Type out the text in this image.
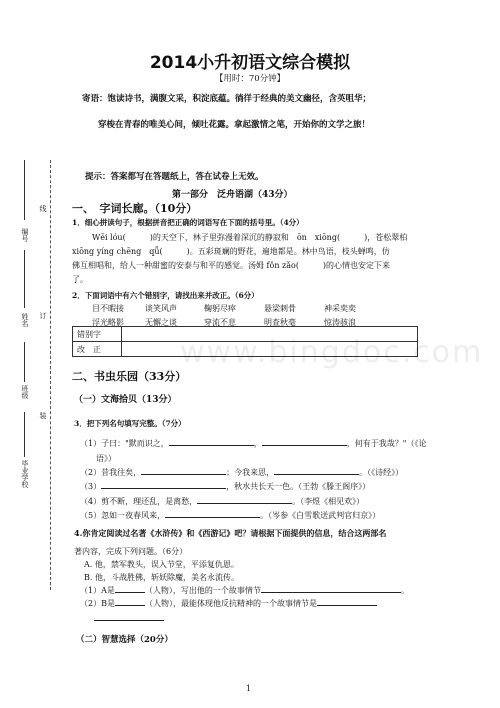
线
编号
订
姓名
班级
装
毕业学校
2014小升初语文综合模拟
【用时：70分钟】
寄语：饱读诗书，满腹文采，积淀底蕴。徜徉于经典的美文幽径，含英咀华；
穿梭在青春的唯美心间，倾吐花露。拿起激情之笔，开始你的文学之旅！
提示：答案都写在答题纸上，答在试卷上无效。
第一部分　泛舟语湖（43分）
一、　字词长廊。（10分）
1．细心拼读句子，根据拼音把正确的词语写在下面的括号里。（4分）
Wēi lóu(　　　)的天空下，林子里弥漫着深沉的静寂和　ōn　xiōng(　　　)，苍松翠柏
xiōng yíng chēng　qǖ(　　　)。五彩斑斓的野花，遍地都是。林中鸟语，枝头蝉鸣，仿
佛互相唱和，给人一种甜蜜的安泰与和平的感觉。汤姆 fǒn zǎo(　　　)的心情也安定下来
了。
2．下面词语中有六个错别字，请找出来并改正。（6分）
目不暇接	谈笑风声	鞠躬尽瘁	悬梁刺骨	神采奕奕
浮光略影	无懈之谈	穿流不息	明查秋毫	惊涛骇浪
错别字	
改　正		www.bingdoc.com
二、书虫乐园（33分）
（一）文海拾贝（13分）
3．把下列名句填写完整。（7分）
（1）子曰："默而识之，	，	，何有于我哉？"（《论
语》）
（2）昔我往矣，	；今我来思，	。（《诗经》）
（3）	，秋水共长天一色。（王勃《滕王阁序》）
（4）剪不断，理还乱，是离愁，	。（李煜《相见欢》）
（5）忽如一夜春风来，	。（岑参《白雪歌送武判官归京》）
4.你肯定阅读过名著《水浒传》和《西游记》吧？请根据下面提供的信息，结合这两部名
著内容，完成下列问题。（6分）
A. 他，禁军教头，误入节堂，平添复仇恩。
B. 他，斗战胜佛，斩妖除魔，美名永流传。
（1）A是	（人物），写出他的一个故事情节	。
（2）B是	（人物），最能体现他反抗精神的一个故事情节是
（二）智慧选择（20分）
1
